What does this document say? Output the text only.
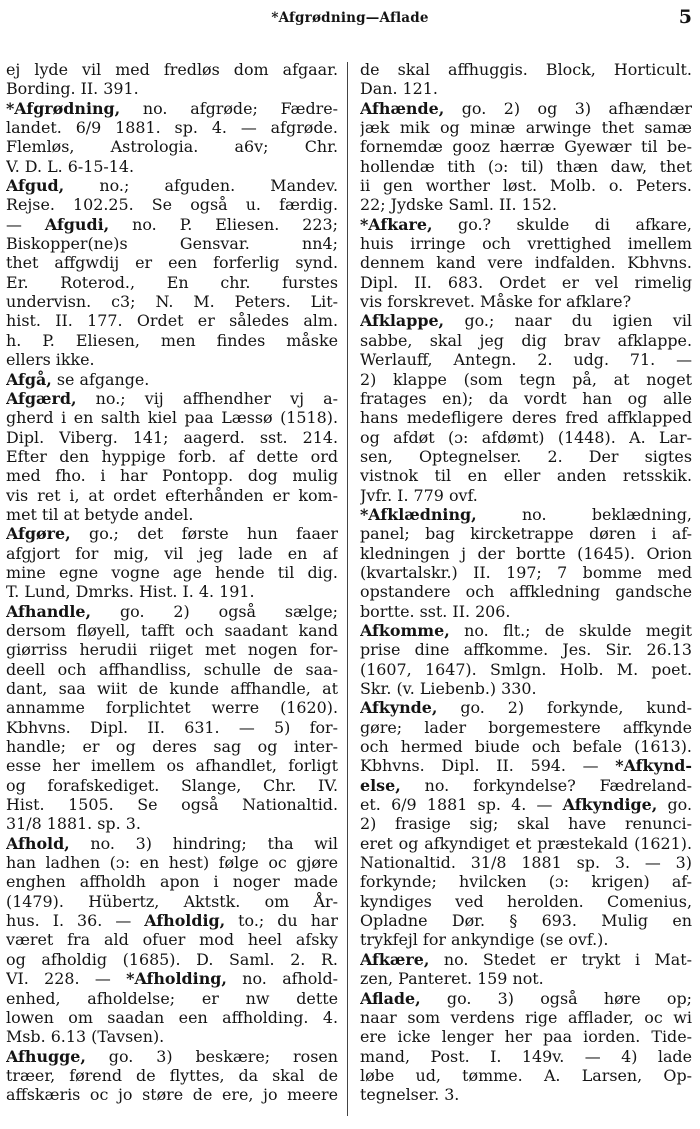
*Afgrødning—Aflade	5
ej lyde vil med fredløs dom afgaar.
Bording. II. 391.
*Afgrødning, no. afgrøde; Fædre-
landet. 6/9 1881. sp. 4. — afgrøde.
Flemløs, Astrologia. a6v; Chr.
V. D. L. 6-15-14.
Afgud, no.; afguden. Mandev.
Rejse. 102.25. Se også u. færdig.
— Afgudi, no. P. Eliesen. 223;
Biskopper(ne)s Gensvar. nn4;
thet affgwdij er een forferlig synd.
Er. Roterod., En chr. furstes
undervisn. c3; N. M. Peters. Lit-
hist. II. 177. Ordet er således alm.
h. P. Eliesen, men findes måske
ellers ikke.
Afgå, se afgange.
Afgærd, no.; vij affhendher vj a-
gherd i en salth kiel paa Læssø (1518).
Dipl. Viberg. 141; aagerd. sst. 214.
Efter den hyppige forb. af dette ord
med fho. i har Pontopp. dog mulig
vis ret i, at ordet efterhånden er kom-
met til at betyde andel.
Afgøre, go.; det første hun faaer
afgjort for mig, vil jeg lade en af
mine egne vogne age hende til dig.
T. Lund, Dmrks. Hist. I. 4. 191.
Afhandle, go. 2) også sælge;
dersom fløyell, tafft och saadant kand
giørriss herudii riiget met nogen for-
deell och affhandliss, schulle de saa-
dant, saa wiit de kunde affhandle, at
annamme forplichtet werre (1620).
Kbhvns. Dipl. II. 631. — 5) for-
handle; er og deres sag og inter-
esse her imellem os afhandlet, forligt
og forafskediget. Slange, Chr. IV.
Hist. 1505. Se også Nationaltid.
31/8 1881. sp. 3.
Afhold, no. 3) hindring; tha wil
han ladhen (ɔ: en hest) følge oc gjøre
enghen affholdh apon i noger made
(1479). Hübertz, Aktstk. om År-
hus. I. 36. — Afholdig, to.; du har
været fra ald ofuer mod heel afsky
og afholdig (1685). D. Saml. 2. R.
VI. 228. — *Afholding, no. afhold-
enhed, afholdelse; er nw dette
lowen om saadan een affholding. 4.
Msb. 6.13 (Tavsen).
Afhugge, go. 3) beskære; rosen
træer, førend de flyttes, da skal de
affskæris oc jo støre de ere, jo meere
de skal affhuggis. Block, Horticult.
Dan. 121.
Afhænde, go. 2) og 3) afhændær
jæk mik og minæ arwinge thet samæ
fornemdæ gooz hærræ Gyewær til be-
hollendæ tith (ɔ: til) thæn daw, thet
ii gen worther løst. Molb. o. Peters.
22; Jydske Saml. II. 152.
*Afkare, go.? skulde di afkare,
huis irringe och vrettighed imellem
dennem kand vere indfalden. Kbhvns.
Dipl. II. 683. Ordet er vel rimelig
vis forskrevet. Måske for afklare?
Afklappe, go.; naar du igien vil
sabbe, skal jeg dig brav afklappe.
Werlauff, Antegn. 2. udg. 71. —
2) klappe (som tegn på, at noget
fratages en); da vordt han og alle
hans medefligere deres fred affklapped
og afdøt (ɔ: afdømt) (1448). A. Lar-
sen, Optegnelser. 2. Der sigtes
vistnok til en eller anden retsskik.
Jvfr. I. 779 ovf.
*Afklædning, no. beklædning,
panel; bag kircketrappe døren i af-
kledningen j der bortte (1645). Orion
(kvartalskr.) II. 197; 7 bomme med
opstandere och affkledning gandsche
bortte. sst. II. 206.
Afkomme, no. flt.; de skulde megit
prise dine affkomme. Jes. Sir. 26.13
(1607, 1647). Smlgn. Holb. M. poet.
Skr. (v. Liebenb.) 330.
Afkynde, go. 2) forkynde, kund-
gøre; lader borgemestere affkynde
och hermed biude och befale (1613).
Kbhvns. Dipl. II. 594. — *Afkynd-
else, no. forkyndelse? Fædreland-
et. 6/9 1881 sp. 4. — Afkyndige, go.
2) frasige sig; skal have renunci-
eret og afkyndiget et præstekald (1621).
Nationaltid. 31/8 1881 sp. 3. — 3)
forkynde; hvilcken (ɔ: krigen) af-
kyndiges ved herolden. Comenius,
Opladne Dør. § 693. Mulig en
trykfejl for ankyndige (se ovf.).
Afkære, no. Stedet er trykt i Mat-
zen, Panteret. 159 not.
Aflade, go. 3) også høre op;
naar som verdens rige afflader, oc wi
ere icke lenger her paa iorden. Tide-
mand, Post. I. 149v. — 4) lade
løbe ud, tømme. A. Larsen, Op-
tegnelser. 3.
